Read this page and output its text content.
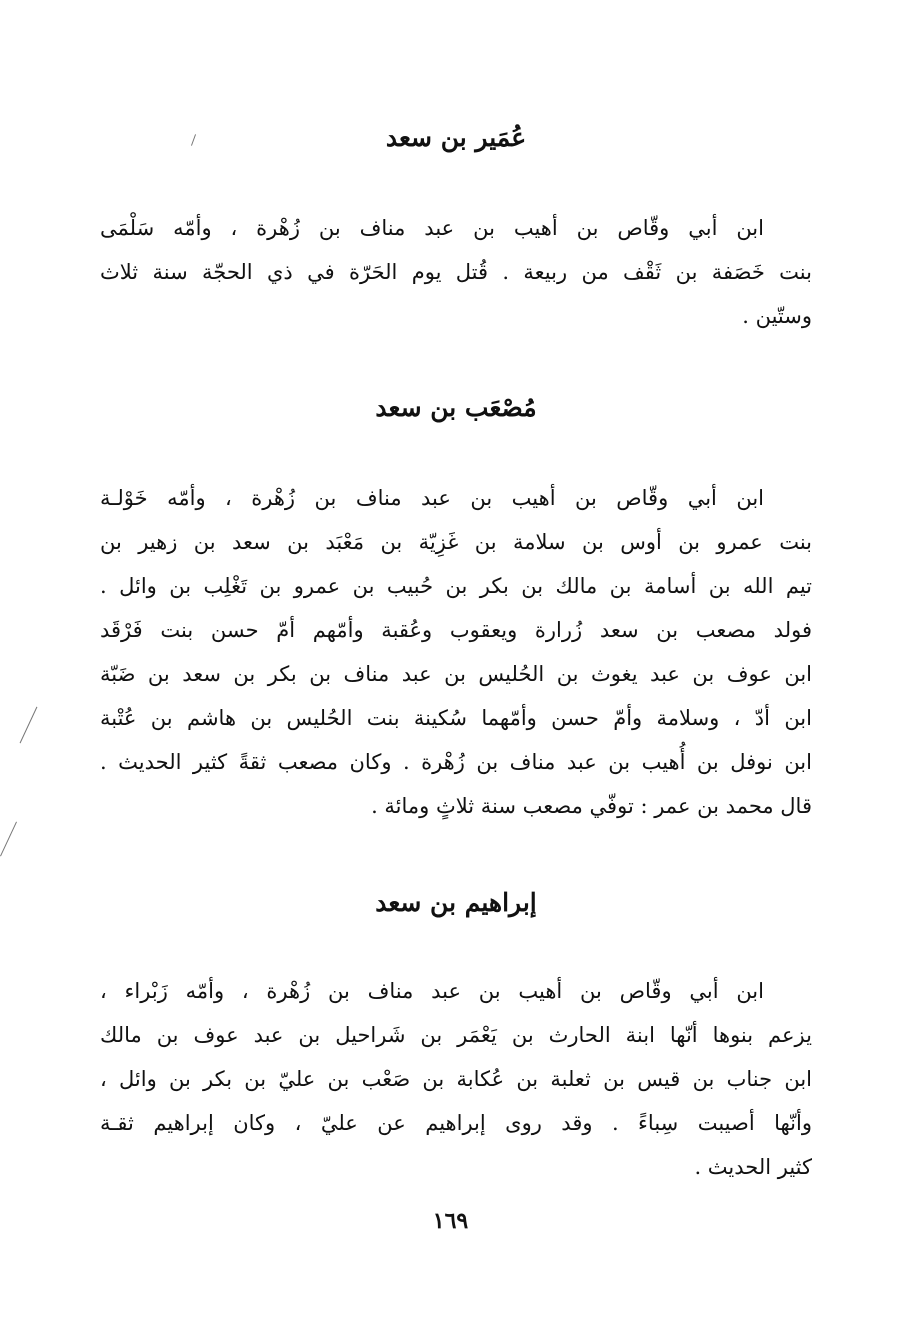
عُمَير بن سعد
ابن أبي وقّاص بن أهيب بن عبد مناف بن زُهْرة ، وأمّه سَلْمَى
بنت خَصَفة بن ثَقْف من ربيعة . قُتل يوم الحَرّة في ذي الحجّة سنة ثلاث
وستّين .
مُصْعَب بن سعد
ابن أبي وقّاص بن أهيب بن عبد مناف بن زُهْرة ، وأمّه خَوْلـة
بنت عمرو بن أوس بن سلامة بن غَزِيّة بن مَعْبَد بن سعد بن زهير بن
تيم الله بن أسامة بن مالك بن بكر بن حُبيب بن عمرو بن تَغْلِب بن وائل .
فولد مصعب بن سعد زُرارة ويعقوب وعُقبة وأمّهم أمّ حسن بنت فَرْقَد
ابن عوف بن عبد يغوث بن الحُليس بن عبد مناف بن بكر بن سعد بن ضَبّة
ابن أدّ ، وسلامة وأمّ حسن وأمّهما سُكينة بنت الحُليس بن هاشم بن عُتْبة
ابن نوفل بن أُهيب بن عبد مناف بن زُهْرة . وكان مصعب ثقةً كثير الحديث .
قال محمد بن عمر : توفّي مصعب سنة ثلاثٍ ومائة .
إبراهيم بن سعد
ابن أبي وقّاص بن أهيب بن عبد مناف بن زُهْرة ، وأمّه زَبْراء ،
يزعم بنوها أنّها ابنة الحارث بن يَعْمَر بن شَراحيل بن عبد عوف بن مالك
ابن جناب بن قيس بن ثعلبة بن عُكابة بن صَعْب بن عليّ بن بكر بن وائل ،
وأنّها أصيبت سِباءً . وقد روى إبراهيم عن عليّ ، وكان إبراهيم ثقـة
كثير الحديث .
١٦٩
